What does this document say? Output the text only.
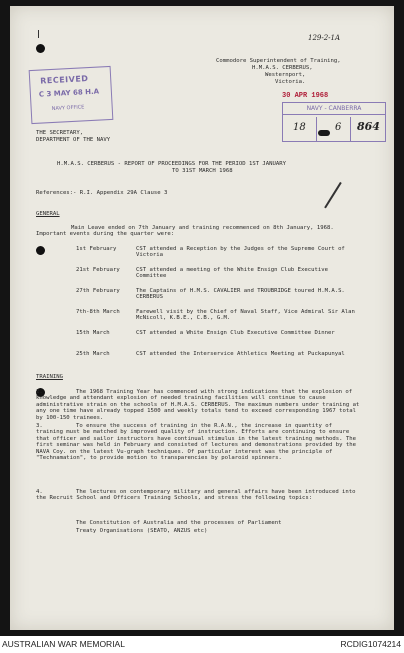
129-2-1A
Commodore Superintendent of Training,
H.M.A.S. CERBERUS,
Westernport,
Victoria.
RECEIVED
C 3 MAY 68 H.A
NAVY OFFICE
30 APR 1968
NAVY - CANBERRA
18	6 864
THE SECRETARY,
DEPARTMENT OF THE NAVY
H.M.A.S. CERBERUS - REPORT OF PROCEEDINGS FOR THE PERIOD 1ST JANUARY
TO 31ST MARCH 1968
References:- R.I. Appendix 29A Clause 3
GENERAL
Main Leave ended on 7th January and training recommenced on 8th January, 1968. Important events during the quarter were:
1st February	CST attended a Reception by the Judges of the Supreme Court of Victoria
21st February	CST attended a meeting of the White Ensign Club Executive Committee
27th February	The Captains of H.M.S. CAVALIER and TROUBRIDGE toured H.M.A.S. CERBERUS
7th-8th March	Farewell visit by the Chief of Naval Staff, Vice Admiral Sir Alan McNicoll, K.B.E., C.B., G.M.
15th March	CST attended a White Ensign Club Executive Committee Dinner
25th March	CST attended the Interservice Athletics Meeting at Puckapunyal
TRAINING
2.	The 1968 Training Year has commenced with strong indications that the explosion of knowledge and attendant explosion of needed training facilities will continue to cause administrative strain on the schools of H.M.A.S. CERBERUS. The maximum numbers under training at any one time have already topped 1500 and weekly totals tend to exceed corresponding 1967 total by 100-150 trainees.
3.	To ensure the success of training in the R.A.N., the increase in quantity of training must be matched by improved quality of instruction. Efforts are continuing to ensure that officer and sailor instructors have continual stimulus in the latest training methods. The first seminar was held in February and consisted of lectures and demonstrations provided by the NAVA Coy. on the latest Vu-graph techniques. Of particular interest was the principle of "Technamation", to provide motion to transparencies by polaroid spinners.
4.	The lectures on contemporary military and general affairs have been introduced into the Recruit School and Officers Training Schools, and stress the following topics:
The Constitution of Australia and the processes of Parliament
Treaty Organisations (SEATO, ANZUS etc)
AUSTRALIAN WAR MEMORIAL	RCDIG1074214
